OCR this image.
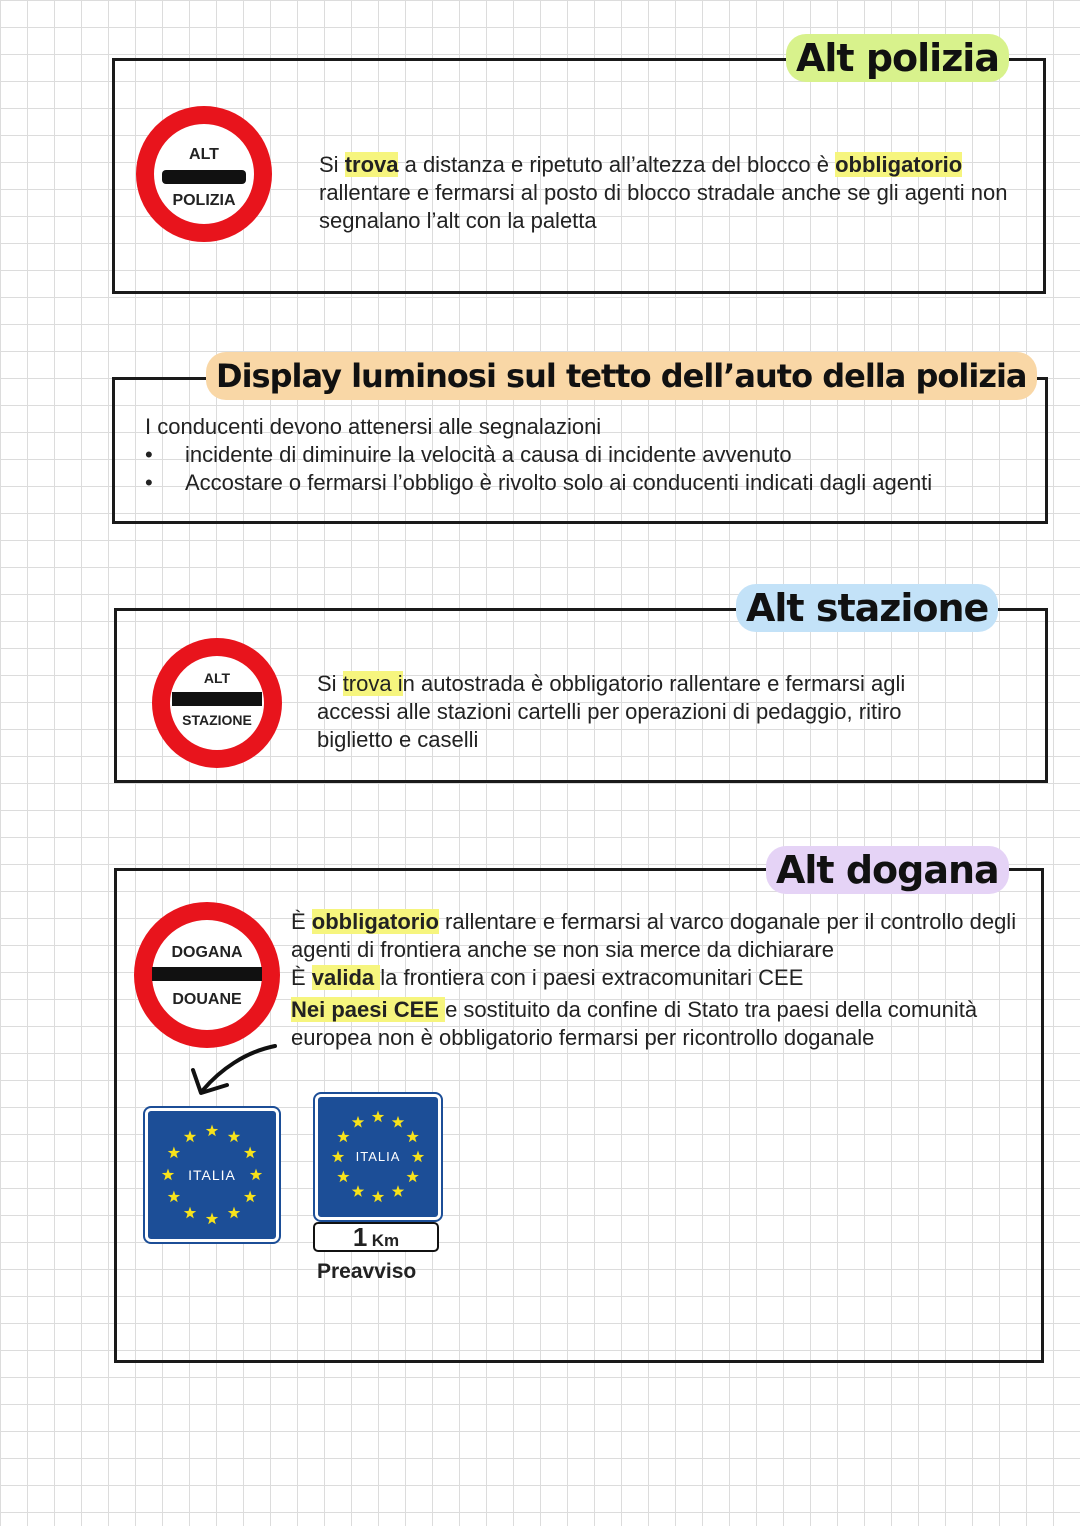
Alt polizia
ALT
POLIZIA
Si trova a distanza e ripetuto all’altezza del blocco è obbligatorio rallentare e fermarsi al posto di blocco stradale anche se gli agenti non segnalano l’alt con la paletta
Display luminosi sul tetto dell’auto della polizia
I conducenti devono attenersi alle segnalazioni
• incidente di diminuire la velocità a causa di incidente avvenuto
• Accostare o fermarsi l’obbligo è rivolto solo ai conducenti indicati dagli agenti
Alt stazione
ALT
STAZIONE
Si trova in autostrada è obbligatorio rallentare e fermarsi agli accessi alle stazioni cartelli per operazioni di pedaggio, ritiro biglietto e caselli
Alt dogana
DOGANA
DOUANE
È obbligatorio rallentare e fermarsi al varco doganale per il controllo degli agenti di frontiera anche se non sia merce da dichiarare
È valida la frontiera con i paesi extracomunitari CEE
Nei paesi CEE e sostituito da confine di Stato tra paesi della comunità europea non è obbligatorio fermarsi per ricontrollo doganale
ITALIA
ITALIA
1 Km
Preavviso
